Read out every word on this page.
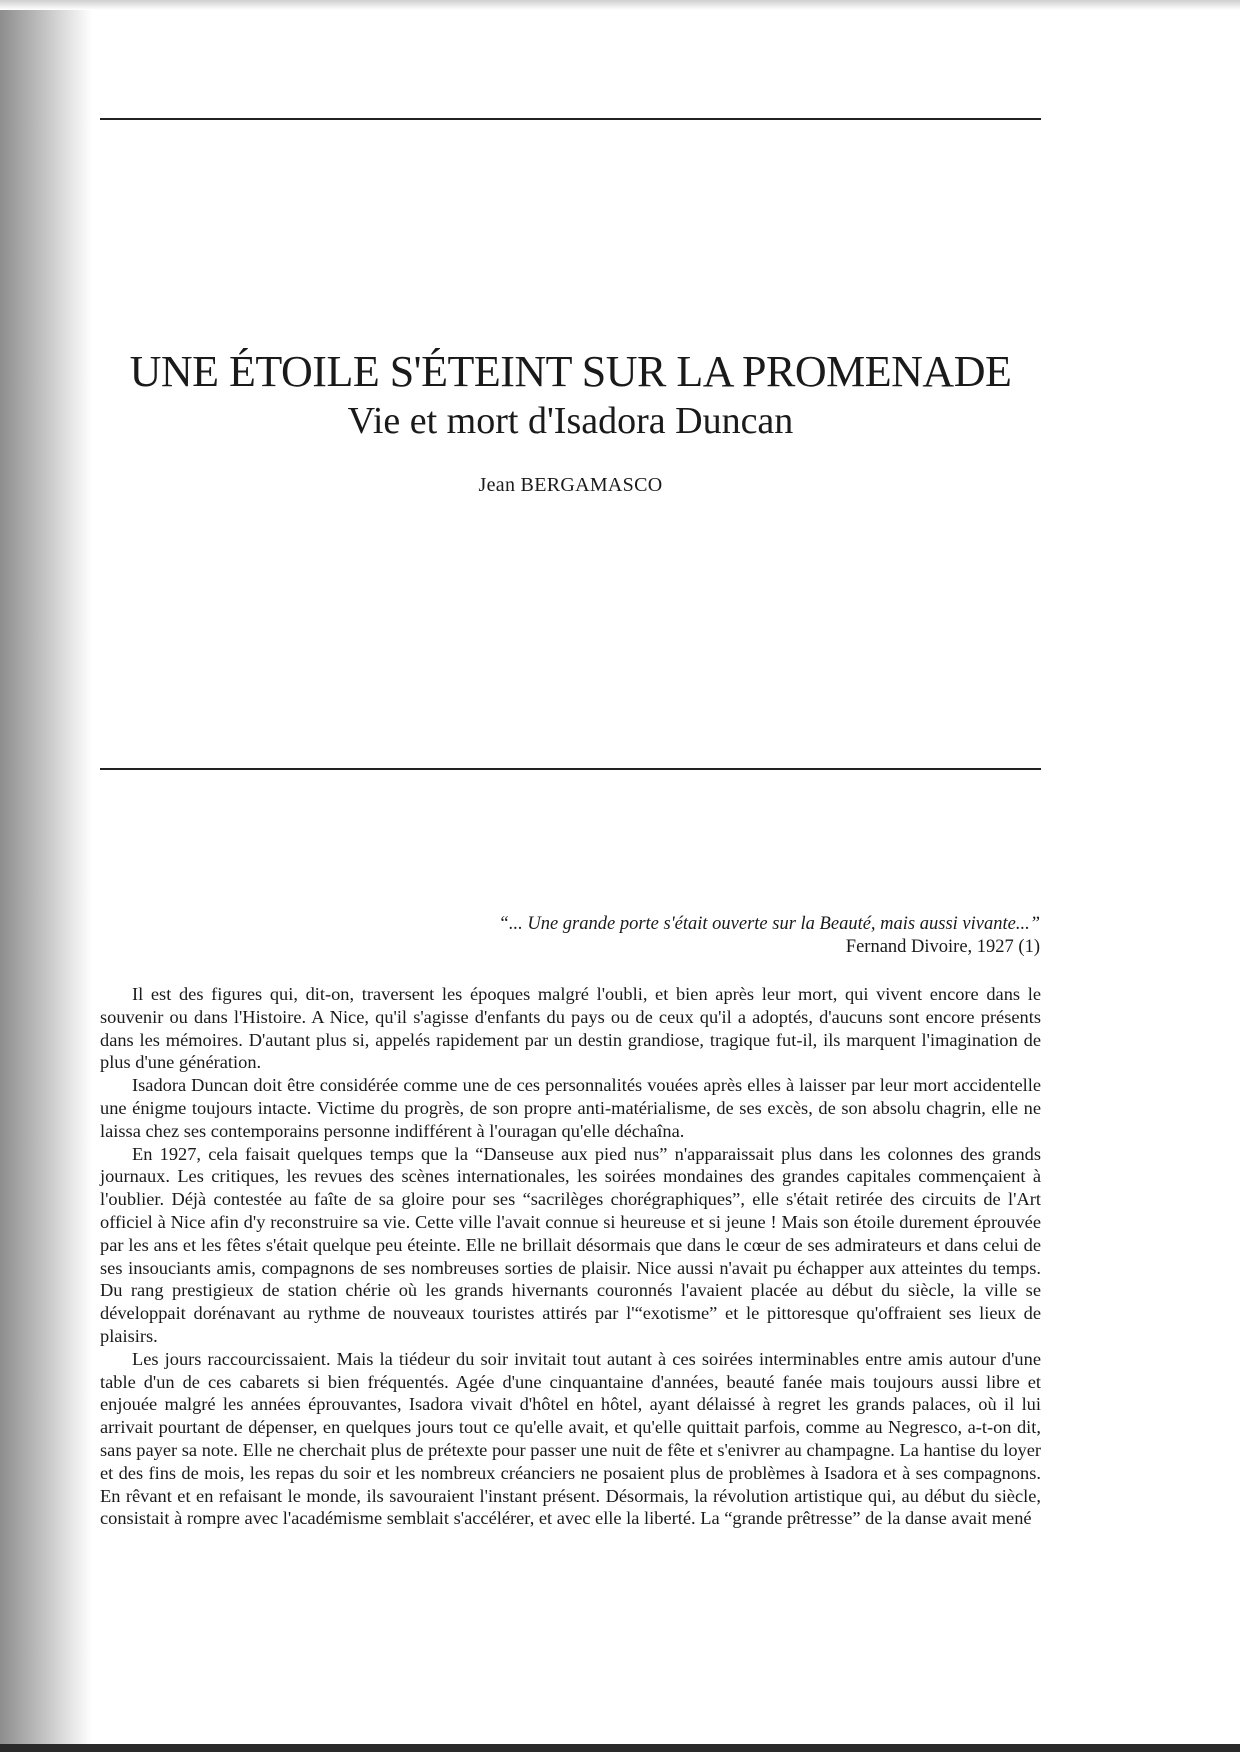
UNE ÉTOILE S'ÉTEINT SUR LA PROMENADE
Vie et mort d'Isadora Duncan
Jean BERGAMASCO
“... Une grande porte s'était ouverte sur la Beauté, mais aussi vivante...”
Fernand Divoire, 1927 (1)

Il est des figures qui, dit-on, traversent les époques malgré l'oubli, et bien après leur mort, qui vivent encore dans le souvenir ou dans l'Histoire. A Nice, qu'il s'agisse d'enfants du pays ou de ceux qu'il a adoptés, d'aucuns sont encore présents dans les mémoires. D'autant plus si, appelés rapidement par un destin grandiose, tragique fut-il, ils marquent l'imagination de plus d'une génération.

Isadora Duncan doit être considérée comme une de ces personnalités vouées après elles à laisser par leur mort accidentelle une énigme toujours intacte. Victime du progrès, de son propre anti-matérialisme, de ses excès, de son absolu chagrin, elle ne laissa chez ses contemporains personne indifférent à l'ouragan qu'elle déchaîna.

En 1927, cela faisait quelques temps que la “Danseuse aux pied nus” n'apparaissait plus dans les colonnes des grands journaux. Les critiques, les revues des scènes internationales, les soirées mondaines des grandes capitales commençaient à l'oublier. Déjà contestée au faîte de sa gloire pour ses “sacrilèges chorégraphiques”, elle s'était retirée des circuits de l'Art officiel à Nice afin d'y reconstruire sa vie. Cette ville l'avait connue si heureuse et si jeune ! Mais son étoile durement éprouvée par les ans et les fêtes s'était quelque peu éteinte. Elle ne brillait désormais que dans le cœur de ses admirateurs et dans celui de ses insouciants amis, compagnons de ses nombreuses sorties de plaisir. Nice aussi n'avait pu échapper aux atteintes du temps. Du rang prestigieux de station chérie où les grands hivernants couronnés l'avaient placée au début du siècle, la ville se développait dorénavant au rythme de nouveaux touristes attirés par l'“exotisme” et le pittoresque qu'offraient ses lieux de plaisirs.

Les jours raccourcissaient. Mais la tiédeur du soir invitait tout autant à ces soirées interminables entre amis autour d'une table d'un de ces cabarets si bien fréquentés. Agée d'une cinquantaine d'années, beauté fanée mais toujours aussi libre et enjouée malgré les années éprouvantes, Isadora vivait d'hôtel en hôtel, ayant délaissé à regret les grands palaces, où il lui arrivait pourtant de dépenser, en quelques jours tout ce qu'elle avait, et qu'elle quittait parfois, comme au Negresco, a-t-on dit, sans payer sa note. Elle ne cherchait plus de prétexte pour passer une nuit de fête et s'enivrer au champagne. La hantise du loyer et des fins de mois, les repas du soir et les nombreux créanciers ne posaient plus de problèmes à Isadora et à ses compagnons. En rêvant et en refaisant le monde, ils savouraient l'instant présent. Désormais, la révolution artistique qui, au début du siècle, consistait à rompre avec l'académisme semblait s'accélérer, et avec elle la liberté. La “grande prêtresse” de la danse avait mené
